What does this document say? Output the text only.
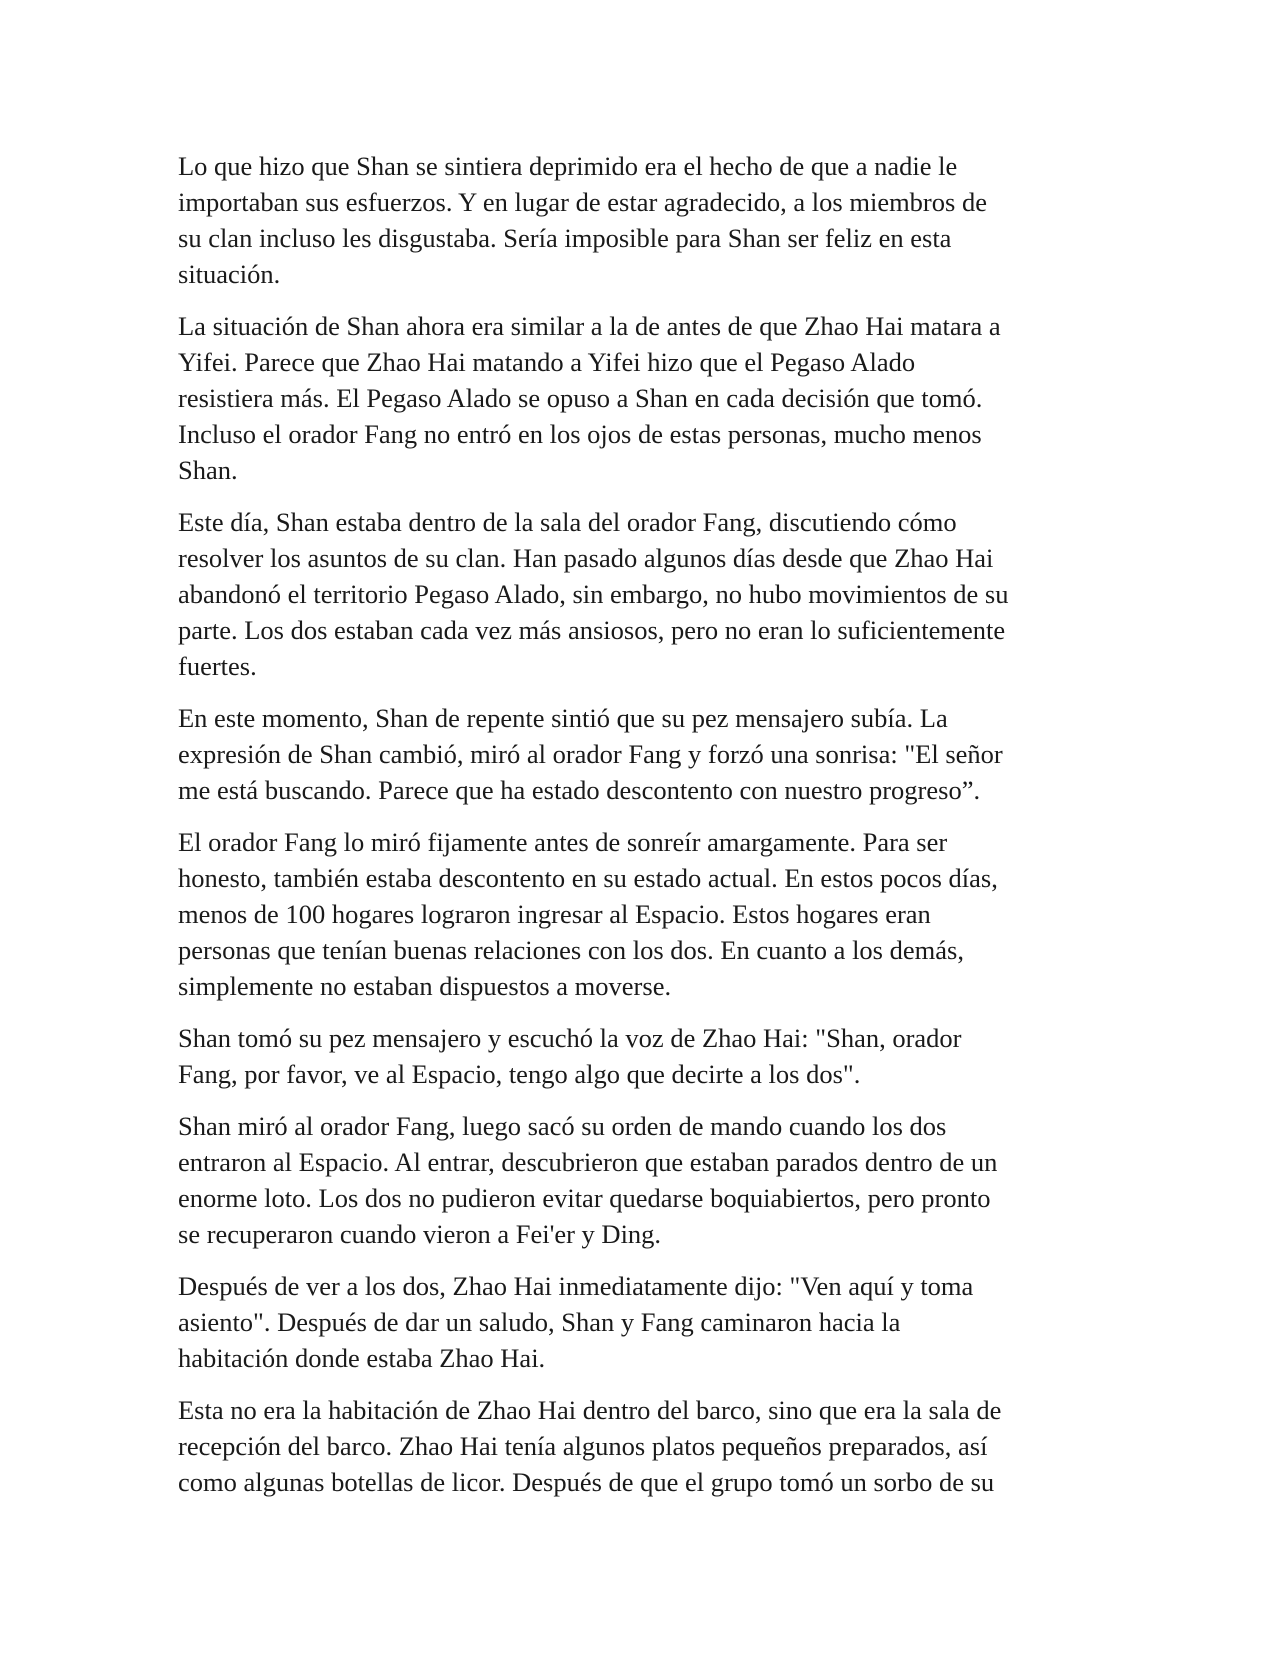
Lo que hizo que Shan se sintiera deprimido era el hecho de que a nadie le
importaban sus esfuerzos. Y en lugar de estar agradecido, a los miembros de
su clan incluso les disgustaba. Sería imposible para Shan ser feliz en esta
situación.

La situación de Shan ahora era similar a la de antes de que Zhao Hai matara a
Yifei. Parece que Zhao Hai matando a Yifei hizo que el Pegaso Alado
resistiera más. El Pegaso Alado se opuso a Shan en cada decisión que tomó.
Incluso el orador Fang no entró en los ojos de estas personas, mucho menos
Shan.

Este día, Shan estaba dentro de la sala del orador Fang, discutiendo cómo
resolver los asuntos de su clan. Han pasado algunos días desde que Zhao Hai
abandonó el territorio Pegaso Alado, sin embargo, no hubo movimientos de su
parte. Los dos estaban cada vez más ansiosos, pero no eran lo suficientemente
fuertes.

En este momento, Shan de repente sintió que su pez mensajero subía. La
expresión de Shan cambió, miró al orador Fang y forzó una sonrisa: "El señor
me está buscando. Parece que ha estado descontento con nuestro progreso”.

El orador Fang lo miró fijamente antes de sonreír amargamente. Para ser
honesto, también estaba descontento en su estado actual. En estos pocos días,
menos de 100 hogares lograron ingresar al Espacio. Estos hogares eran
personas que tenían buenas relaciones con los dos. En cuanto a los demás,
simplemente no estaban dispuestos a moverse.

Shan tomó su pez mensajero y escuchó la voz de Zhao Hai: "Shan, orador
Fang, por favor, ve al Espacio, tengo algo que decirte a los dos".

Shan miró al orador Fang, luego sacó su orden de mando cuando los dos
entraron al Espacio. Al entrar, descubrieron que estaban parados dentro de un
enorme loto. Los dos no pudieron evitar quedarse boquiabiertos, pero pronto
se recuperaron cuando vieron a Fei'er y Ding.

Después de ver a los dos, Zhao Hai inmediatamente dijo: "Ven aquí y toma
asiento". Después de dar un saludo, Shan y Fang caminaron hacia la
habitación donde estaba Zhao Hai.

Esta no era la habitación de Zhao Hai dentro del barco, sino que era la sala de
recepción del barco. Zhao Hai tenía algunos platos pequeños preparados, así
como algunas botellas de licor. Después de que el grupo tomó un sorbo de su
